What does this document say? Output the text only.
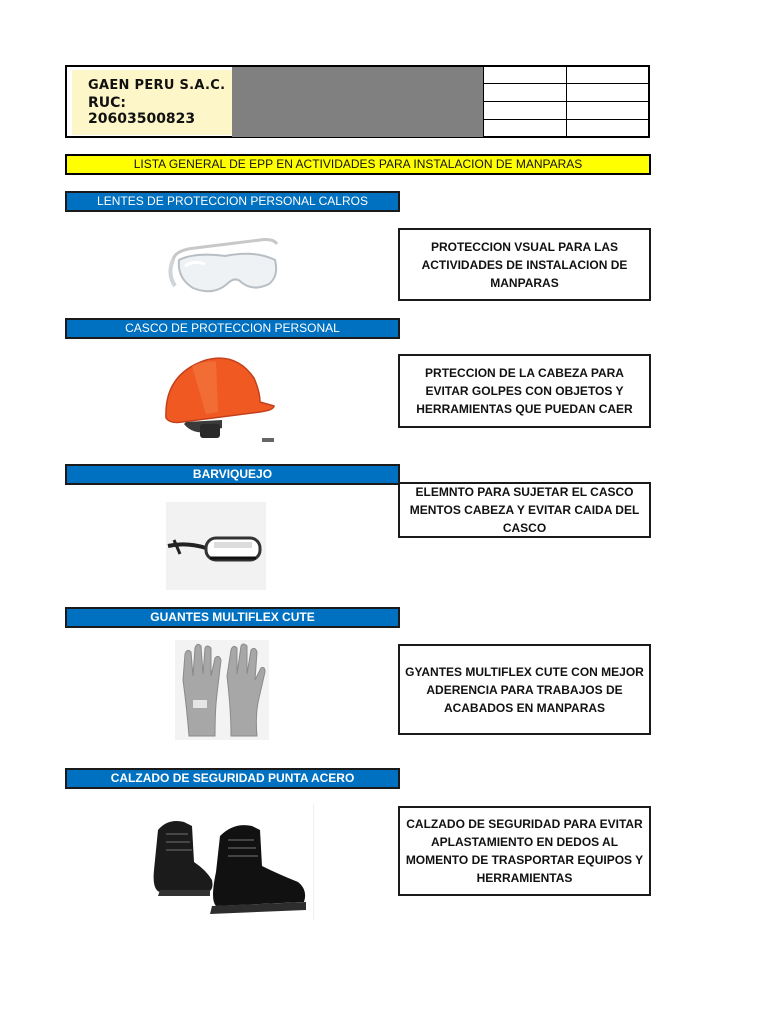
GAEN PERU S.A.C.
RUC: 20603500823
LISTA GENERAL DE EPP EN ACTIVIDADES PARA INSTALACION DE MANPARAS
LENTES DE PROTECCION PERSONAL CALROS
PROTECCION VSUAL PARA LAS ACTIVIDADES DE INSTALACION DE MANPARAS
CASCO DE PROTECCION PERSONAL
PRTECCION DE LA CABEZA PARA EVITAR GOLPES CON OBJETOS Y HERRAMIENTAS QUE PUEDAN CAER
BARVIQUEJO
ELEMNTO PARA SUJETAR EL CASCO MENTOS CABEZA Y EVITAR CAIDA DEL CASCO
GUANTES MULTIFLEX CUTE
GYANTES MULTIFLEX CUTE CON MEJOR ADERENCIA PARA TRABAJOS DE ACABADOS EN MANPARAS
CALZADO DE SEGURIDAD PUNTA ACERO
CALZADO DE SEGURIDAD PARA EVITAR APLASTAMIENTO EN DEDOS AL MOMENTO DE TRASPORTAR EQUIPOS Y HERRAMIENTAS
